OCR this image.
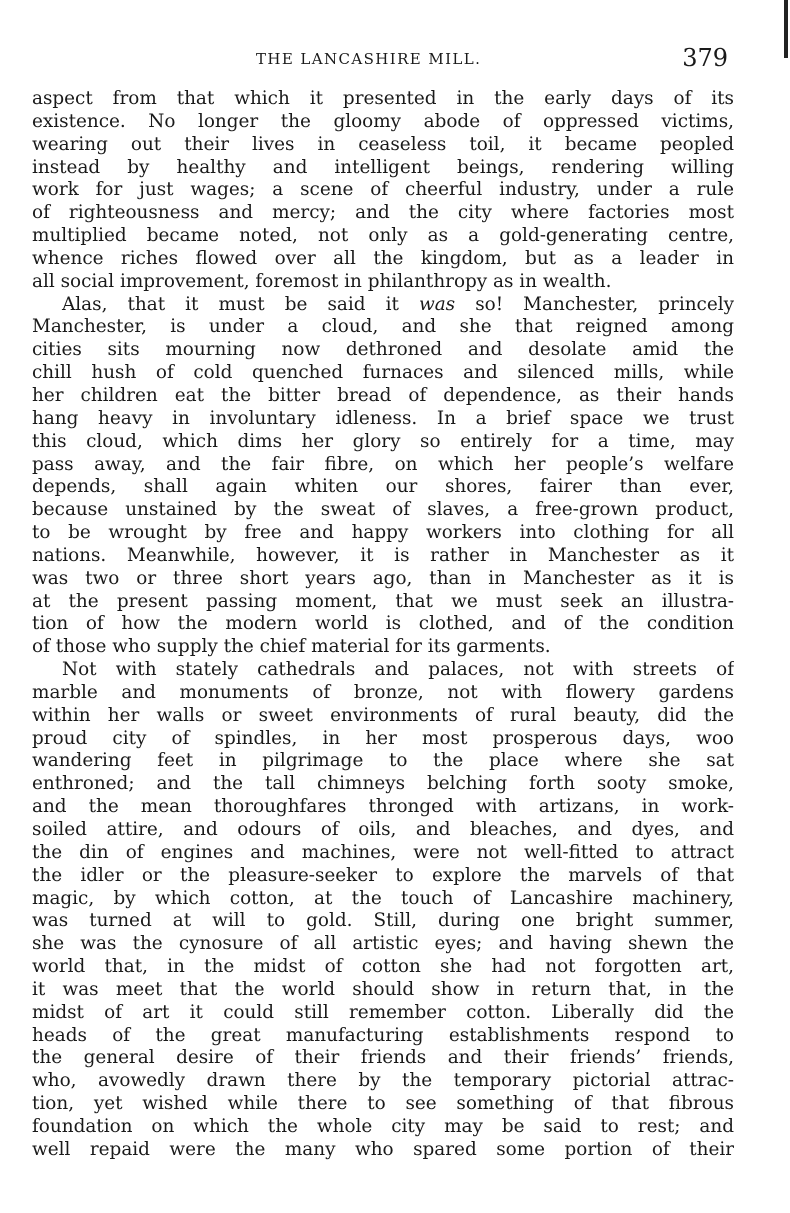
THE LANCASHIRE MILL.	379
aspect from that which it presented in the early days of its
existence. No longer the gloomy abode of oppressed victims,
wearing out their lives in ceaseless toil, it became peopled
instead by healthy and intelligent beings, rendering willing
work for just wages; a scene of cheerful industry, under a rule
of righteousness and mercy; and the city where factories most
multiplied became noted, not only as a gold-generating centre,
whence riches flowed over all the kingdom, but as a leader in
all social improvement, foremost in philanthropy as in wealth.
Alas, that it must be said it was so! Manchester, princely
Manchester, is under a cloud, and she that reigned among
cities sits mourning now dethroned and desolate amid the
chill hush of cold quenched furnaces and silenced mills, while
her children eat the bitter bread of dependence, as their hands
hang heavy in involuntary idleness. In a brief space we trust
this cloud, which dims her glory so entirely for a time, may
pass away, and the fair fibre, on which her people’s welfare
depends, shall again whiten our shores, fairer than ever,
because unstained by the sweat of slaves, a free-grown product,
to be wrought by free and happy workers into clothing for all
nations. Meanwhile, however, it is rather in Manchester as it
was two or three short years ago, than in Manchester as it is
at the present passing moment, that we must seek an illustra-
tion of how the modern world is clothed, and of the condition
of those who supply the chief material for its garments.
Not with stately cathedrals and palaces, not with streets of
marble and monuments of bronze, not with flowery gardens
within her walls or sweet environments of rural beauty, did the
proud city of spindles, in her most prosperous days, woo
wandering feet in pilgrimage to the place where she sat
enthroned; and the tall chimneys belching forth sooty smoke,
and the mean thoroughfares thronged with artizans, in work-
soiled attire, and odours of oils, and bleaches, and dyes, and
the din of engines and machines, were not well-fitted to attract
the idler or the pleasure-seeker to explore the marvels of that
magic, by which cotton, at the touch of Lancashire machinery,
was turned at will to gold. Still, during one bright summer,
she was the cynosure of all artistic eyes; and having shewn the
world that, in the midst of cotton she had not forgotten art,
it was meet that the world should show in return that, in the
midst of art it could still remember cotton. Liberally did the
heads of the great manufacturing establishments respond to
the general desire of their friends and their friends’ friends,
who, avowedly drawn there by the temporary pictorial attrac-
tion, yet wished while there to see something of that fibrous
foundation on which the whole city may be said to rest; and
well repaid were the many who spared some portion of their
